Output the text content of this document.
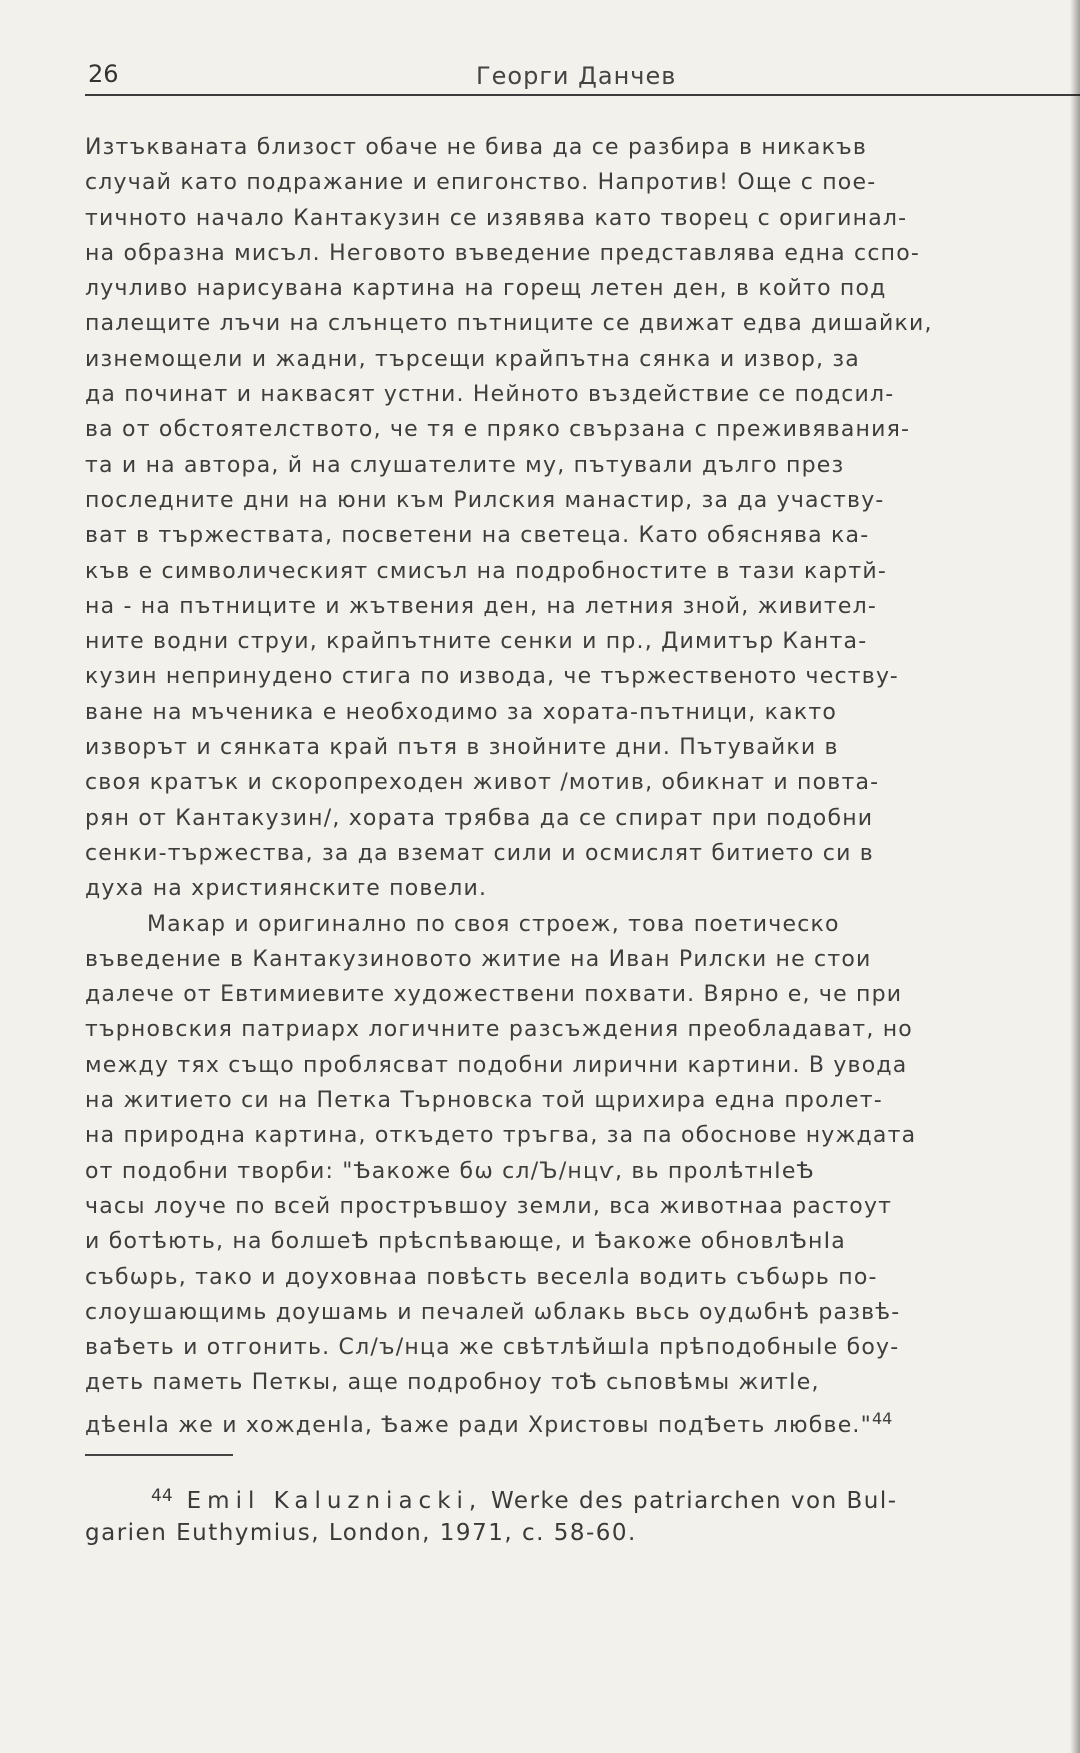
26	Георги Данчев
Изтъкваната близост обаче не бива да се разбира в никакъв
случай като подражание и епигонство. Напротив! Още с поe-
тичното начало Кантакузин се изявява като творец с оригинал-
на образна мисъл. Неговото въведение представлява една сспо-
лучливо нарисувана картина на горещ летен ден, в който под
палещите лъчи на слънцето пътниците се движат едва дишайки,
изнемощели и жадни, търсещи крайпътна сянка и извор, за
да починат и наквасят устни. Нейното въздействие се подсил-
ва от обстоятелството, че тя е пряко свързана с преживявания-
та и на автора, й на слушателите му, пътували дълго през
последните дни на юни към Рилския манастир, за да участву-
ват в тържествата, посветени на светеца. Като обяснява ка-
къв е символическият смисъл на подробностите в тази картй-
на - на пътниците и жътвения ден, на летния зной, живител-
ните водни струи, крайпътните сенки и пр., Димитър Канта-
кузин непринудено стига по извода, че тържественото чествy-
ване на мъченика е необходимо за хората-пътници, както
изворът и сянката край пътя в знойните дни. Пътувайки в
своя кратък и скоропреходен живот /мотив, обикнат и повтa-
рян от Кантакузин/, хората трябва да се спират при подобни
сенки-тържества, за да вземат сили и осмислят битието си в
духа на християнските повели.
Макар и оригинално по своя строеж, това поетическо
въведение в Кантакузиновото житие на Иван Рилски не стои
далече от Евтимиевите художествени похвати. Вярно е, че при
търновския патриарх логичните разсъждения преобладават, но
между тях също проблясват подобни лирични картини. В увода
на житието си на Петка Търновска той щрихира една пролет-
на природна картина, откъдето тръгва, за па обоснове нуждата
от подобни творби: "Ѣакоже бѡ сл/Ъ/нцѵ, вь пролѣтнІеѢ
часы лоуче по всей простръвшоу земли, вса животнаа растоут
и ботѣють, на болшеѢ прѣспѣвающе, и Ѣакоже обновлѢнІа
събѡрь, тако и доуховнаа повѣсть веселІа водить събѡрь по-
слоушающимь доушамь и печалей ѡблакь вьсь оудѡбнѣ развѣ-
ваѢеть и отгонить. Сл/ъ/нца же свѣтлѣйшІа прѣподобныІе боу-
деть паметь Петкы, аще подробноу тоѢ сьповѣмы житІе,
дѣенІа же и хожденІа, Ѣаже ради Христовы подѢеть любве."$^{44}$
$^{44}$ Emil Kaluzniacki, Werke des patriarchen von Bul-
garien Euthymius, London, 1971, c. 58-60.
